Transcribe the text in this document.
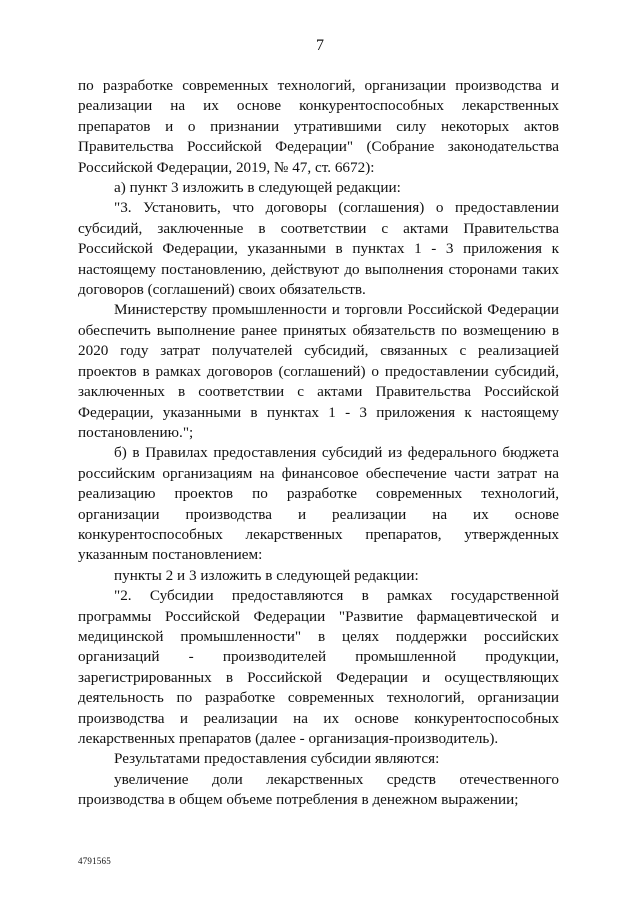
7

по разработке современных технологий, организации производства и реализации на их основе конкурентоспособных лекарственных препаратов и о признании утратившими силу некоторых актов Правительства Российской Федерации" (Собрание законодательства Российской Федерации, 2019, № 47, ст. 6672):

а) пункт 3 изложить в следующей редакции:

"3. Установить, что договоры (соглашения) о предоставлении субсидий, заключенные в соответствии с актами Правительства Российской Федерации, указанными в пунктах 1 - 3 приложения к настоящему постановлению, действуют до выполнения сторонами таких договоров (соглашений) своих обязательств.

Министерству промышленности и торговли Российской Федерации обеспечить выполнение ранее принятых обязательств по возмещению в 2020 году затрат получателей субсидий, связанных с реализацией проектов в рамках договоров (соглашений) о предоставлении субсидий, заключенных в соответствии с актами Правительства Российской Федерации, указанными в пунктах 1 - 3 приложения к настоящему постановлению.";

б) в Правилах предоставления субсидий из федерального бюджета российским организациям на финансовое обеспечение части затрат на реализацию проектов по разработке современных технологий, организации производства и реализации на их основе конкурентоспособных лекарственных препаратов, утвержденных указанным постановлением:

пункты 2 и 3 изложить в следующей редакции:

"2. Субсидии предоставляются в рамках государственной программы Российской Федерации "Развитие фармацевтической и медицинской промышленности" в целях поддержки российских организаций - производителей промышленной продукции, зарегистрированных в Российской Федерации и осуществляющих деятельность по разработке современных технологий, организации производства и реализации на их основе конкурентоспособных лекарственных препаратов (далее - организация-производитель).

Результатами предоставления субсидии являются:

увеличение доли лекарственных средств отечественного производства в общем объеме потребления в денежном выражении;

4791565
